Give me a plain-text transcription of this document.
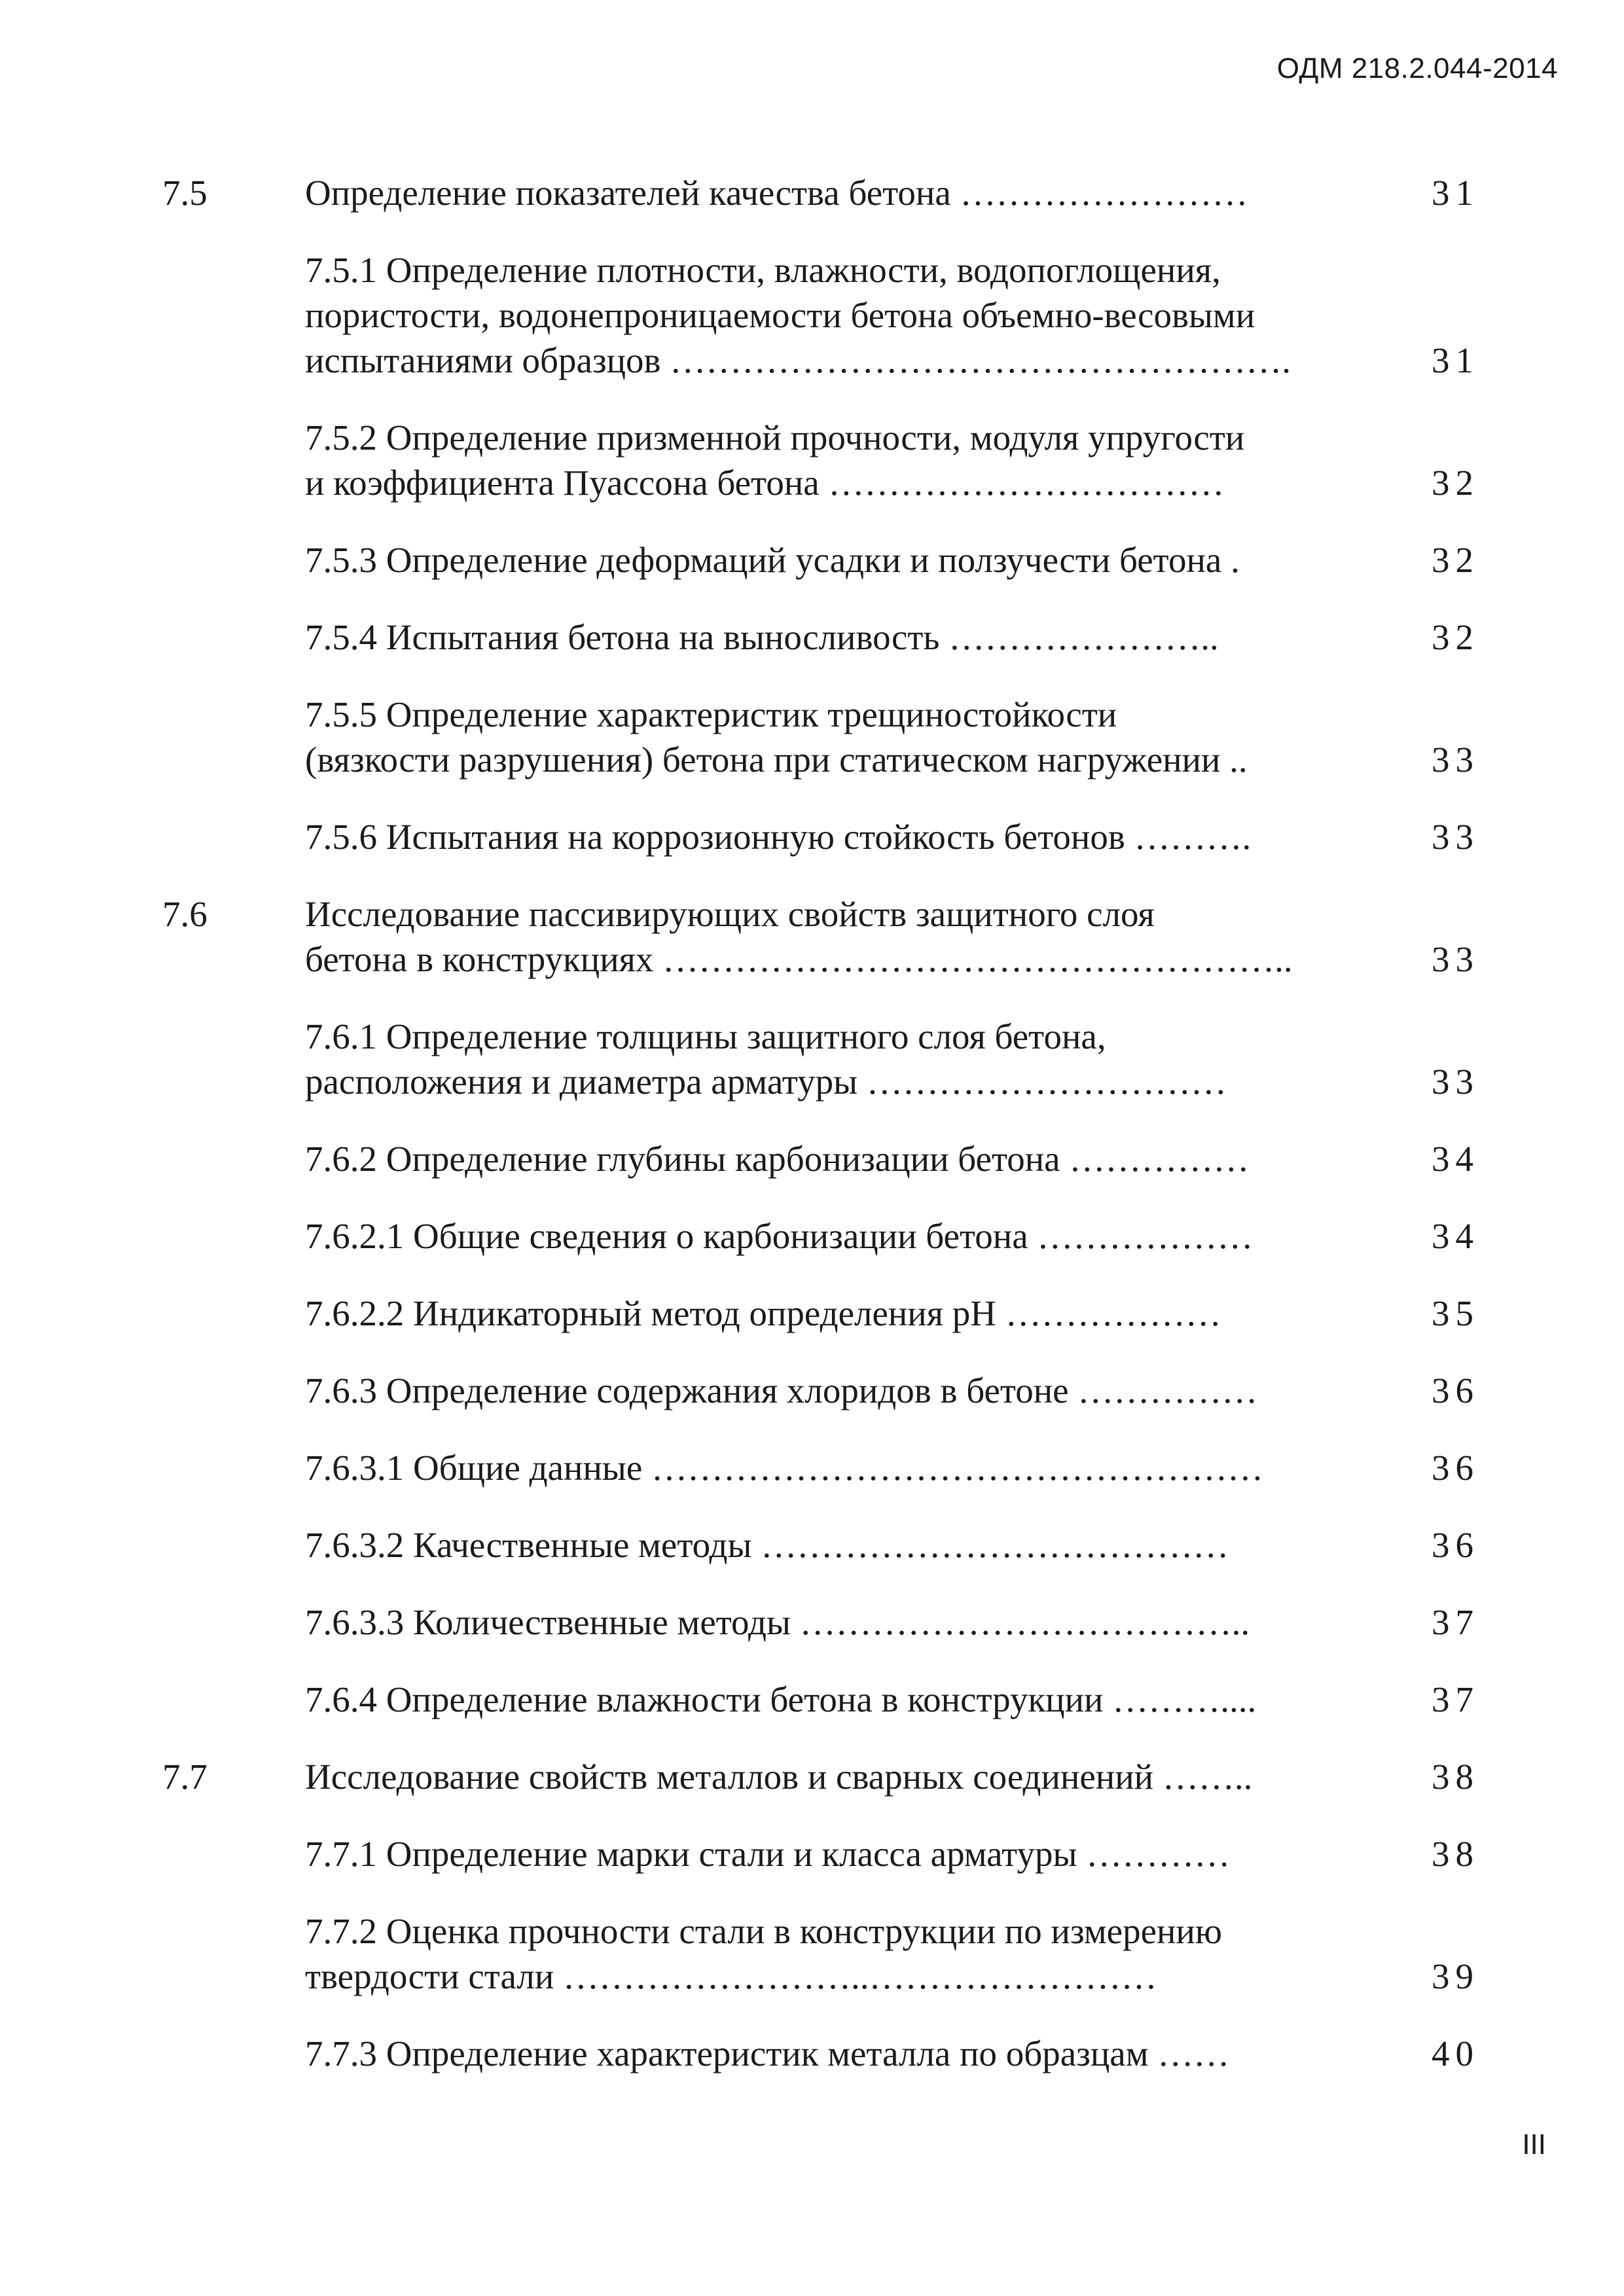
ОДМ 218.2.044-2014
7.5	Определение показателей качества бетона ……………………	31
7.5.1 Определение плотности, влажности, водопоглощения,
пористости, водонепроницаемости бетона объемно-весовыми
испытаниями образцов …………………………………………….	31
7.5.2 Определение призменной прочности, модуля упругости
и коэффициента Пуассона бетона ……………………………	32
7.5.3 Определение деформаций усадки и ползучести бетона .	32
7.5.4 Испытания бетона на выносливость …………………..	32
7.5.5 Определение характеристик трещиностойкости
(вязкости разрушения) бетона при статическом нагружении ..	33
7.5.6 Испытания на коррозионную стойкость бетонов ……….	33
7.6	Исследование пассивирующих свойств защитного слоя
бетона в конструкциях ……………………………………………..	33
7.6.1 Определение толщины защитного слоя бетона,
расположения и диаметра арматуры …………………………	33
7.6.2 Определение глубины карбонизации бетона ……………	34
7.6.2.1 Общие сведения о карбонизации бетона ………………	34
7.6.2.2 Индикаторный метод определения pH ………………	35
7.6.3 Определение содержания хлоридов в бетоне ……………	36
7.6.3.1 Общие данные ……………………………………………	36
7.6.3.2 Качественные методы …………………………………	36
7.6.3.3 Количественные методы ………………………………..	37
7.6.4 Определение влажности бетона в конструкции ………....	37
7.7	Исследование свойств металлов и сварных соединений ……..	38
7.7.1 Определение марки стали и класса арматуры …………	38
7.7.2 Оценка прочности стали в конструкции по измерению
твердости стали ……………………..……………………	39
7.7.3 Определение характеристик металла по образцам ……	40
III
